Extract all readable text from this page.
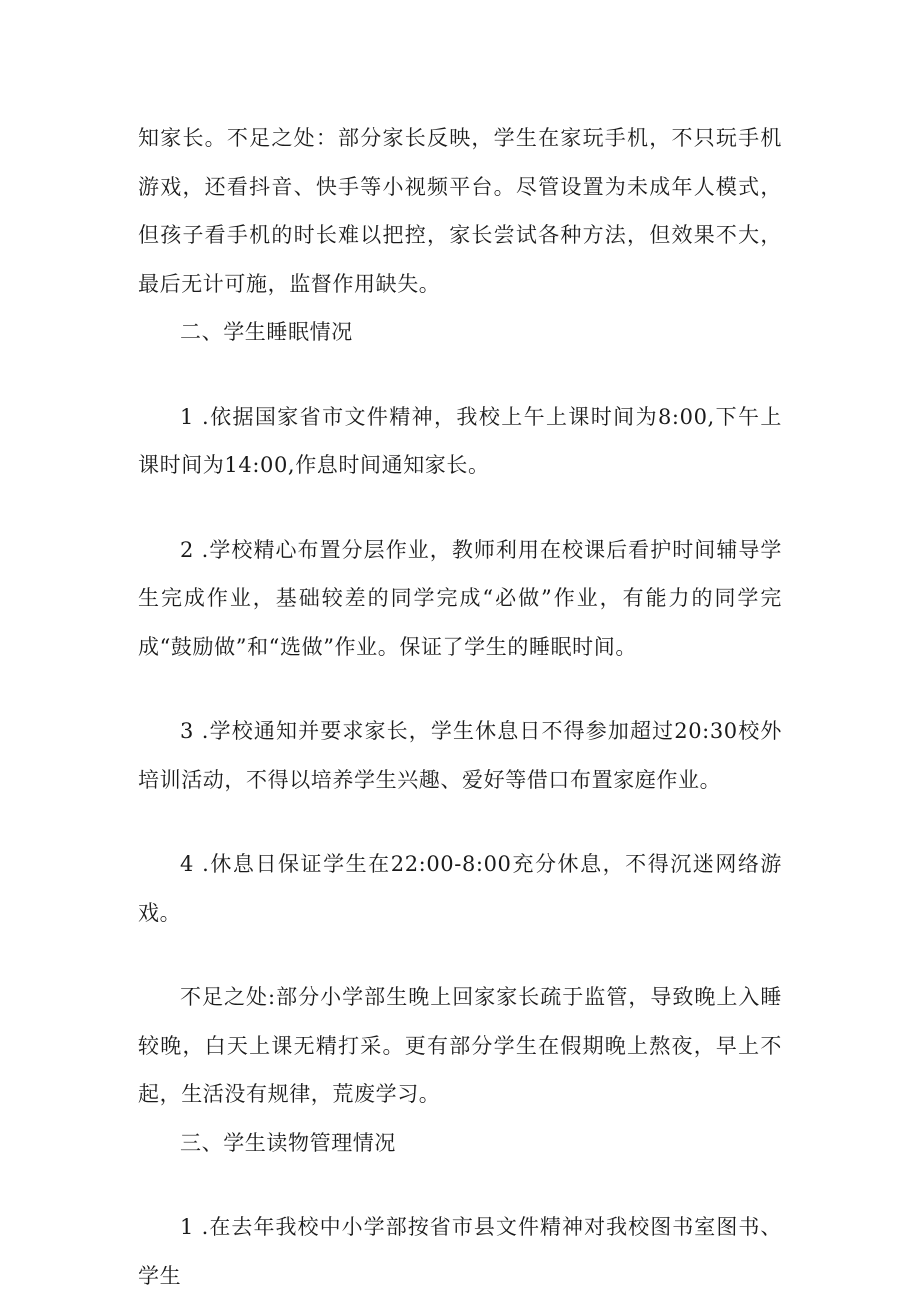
知家长。不足之处：部分家长反映，学生在家玩手机，不只玩手机游戏，还看抖音、快手等小视频平台。尽管设置为未成年人模式，但孩子看手机的时长难以把控，家长尝试各种方法，但效果不大，最后无计可施，监督作用缺失。

二、学生睡眠情况

1 .依据国家省市文件精神，我校上午上课时间为8:00,下午上课时间为14:00,作息时间通知家长。

2 .学校精心布置分层作业，教师利用在校课后看护时间辅导学生完成作业，基础较差的同学完成“必做”作业，有能力的同学完成“鼓励做”和“选做”作业。保证了学生的睡眠时间。

3 .学校通知并要求家长，学生休息日不得参加超过20:30校外培训活动，不得以培养学生兴趣、爱好等借口布置家庭作业。

4 .休息日保证学生在22:00-8:00充分休息，不得沉迷网络游戏。

不足之处:部分小学部生晚上回家家长疏于监管，导致晚上入睡较晚，白天上课无精打采。更有部分学生在假期晚上熬夜，早上不起，生活没有规律，荒废学习。

三、学生读物管理情况

1 .在去年我校中小学部按省市县文件精神对我校图书室图书、学生
